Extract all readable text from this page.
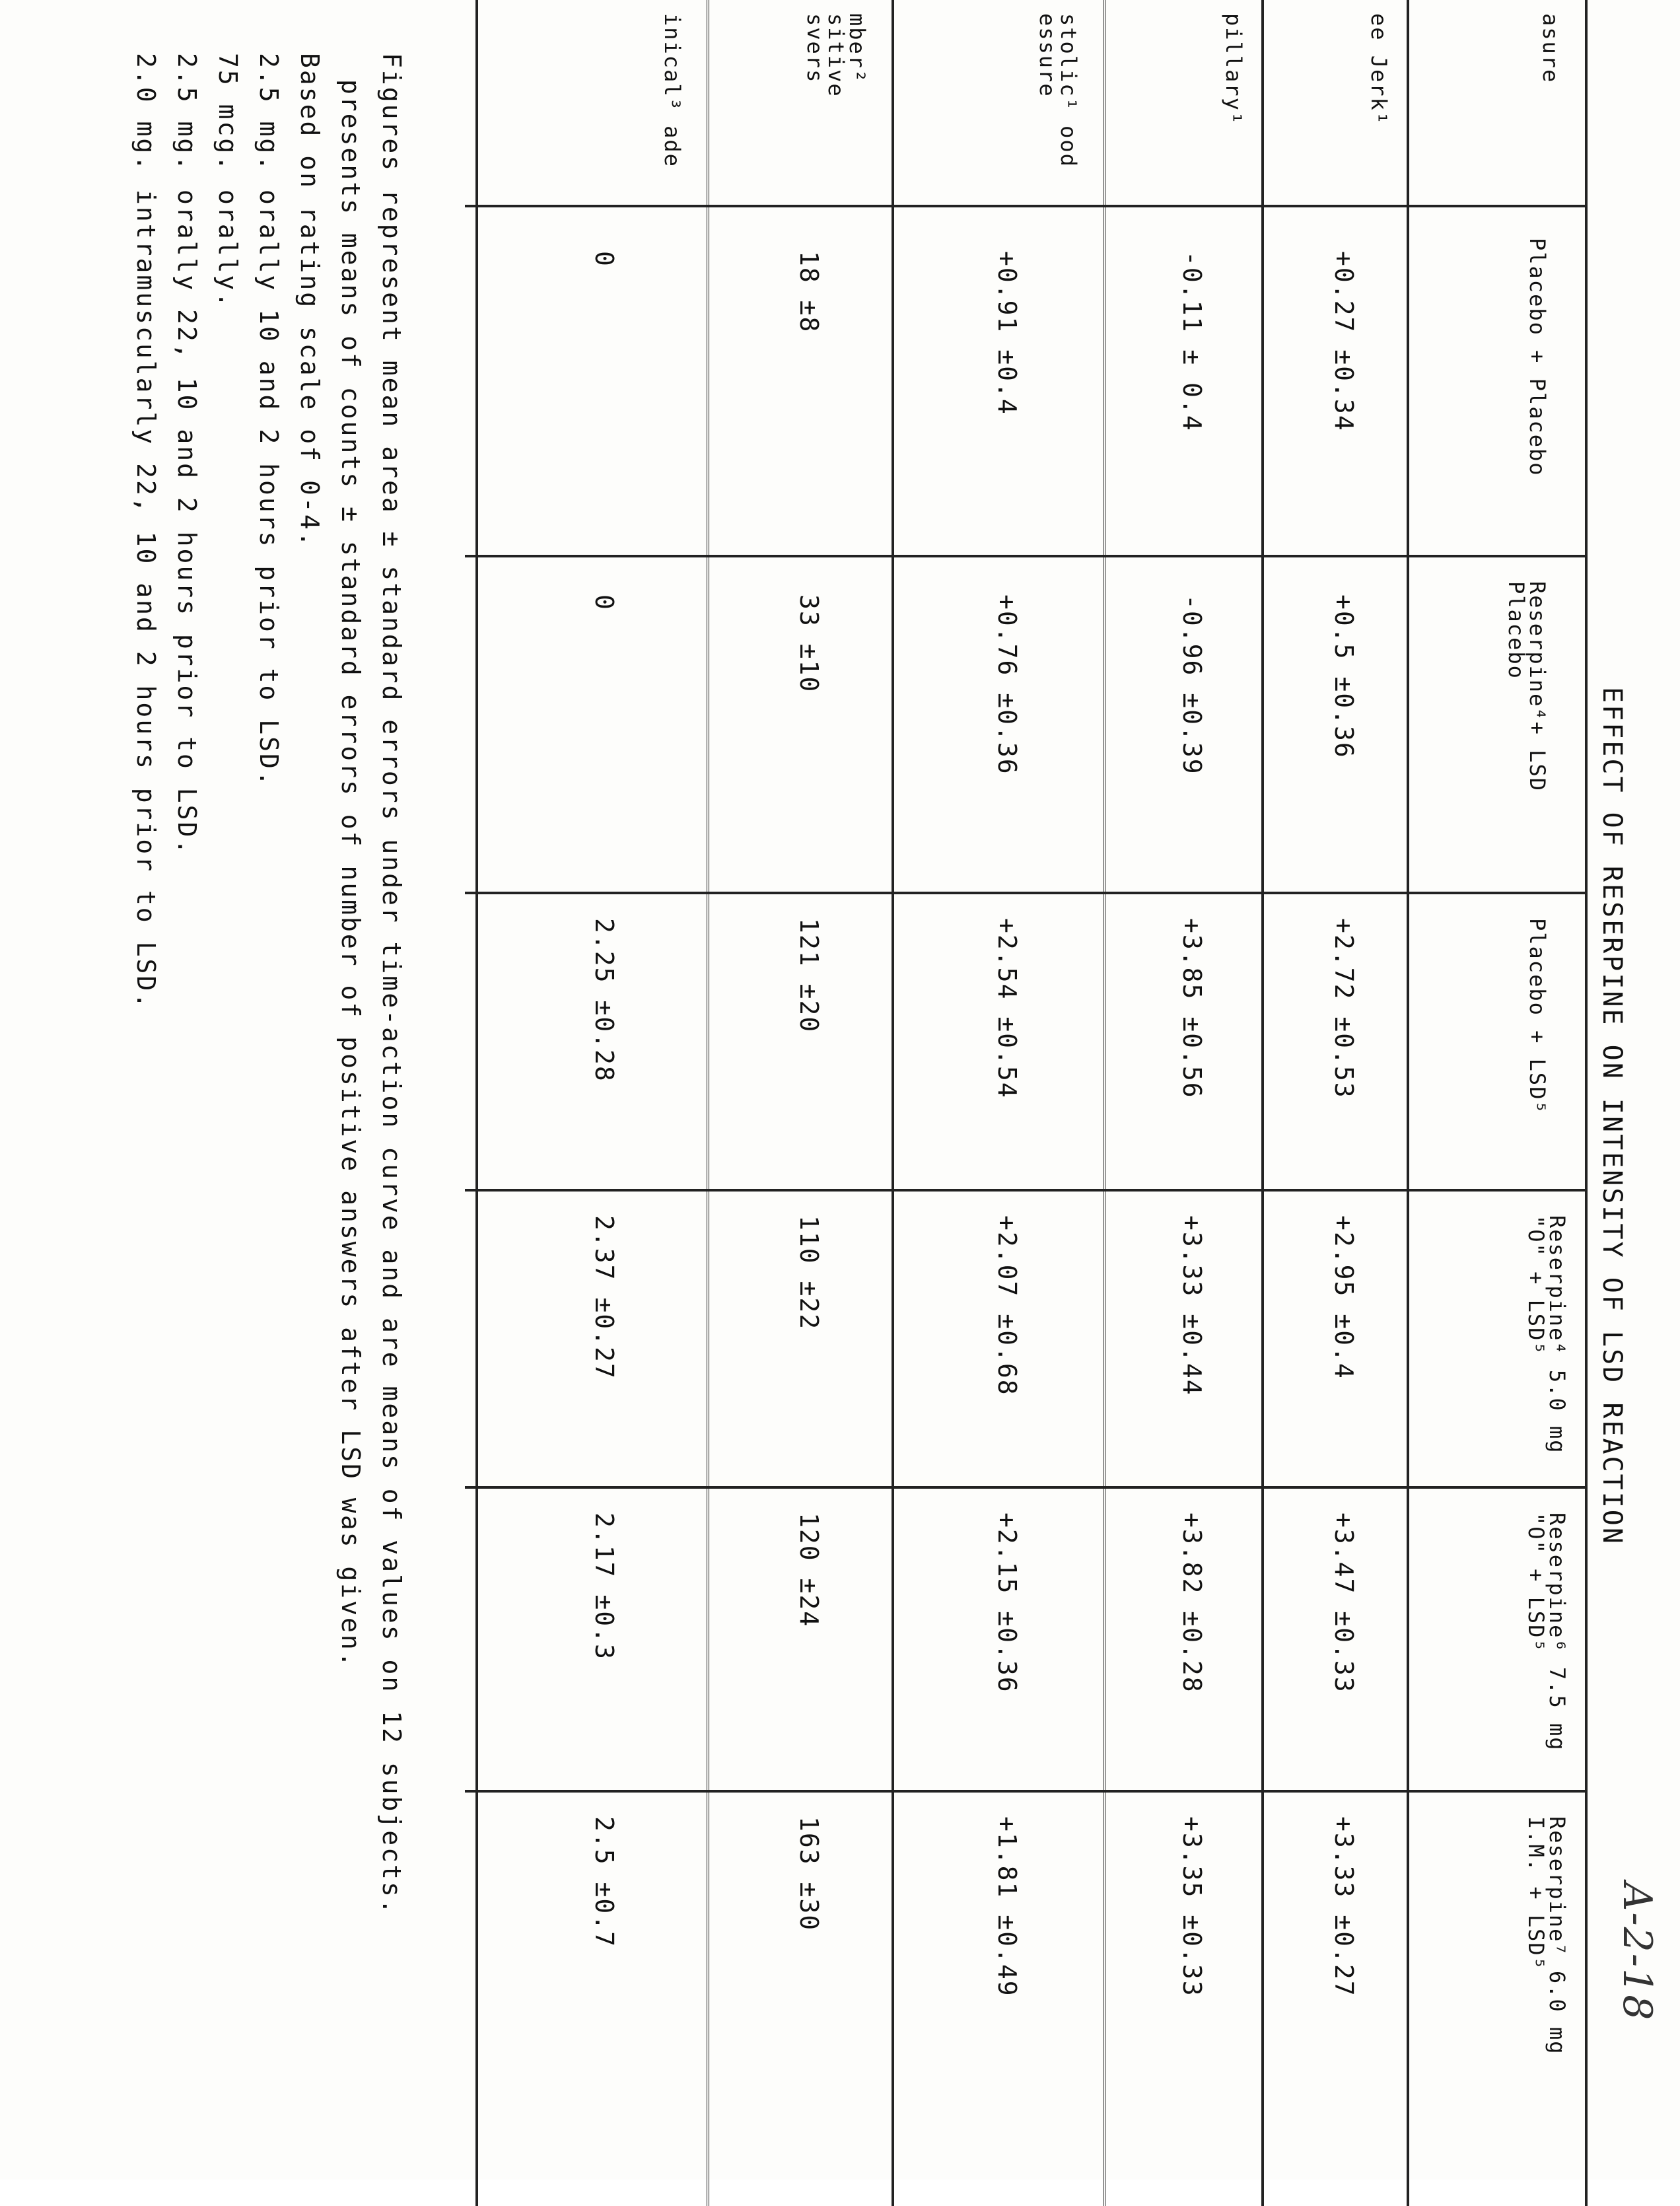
EFFECT OF RESERPINE ON INTENSITY OF LSD REACTION
A-2-18
asure
ee Jerk¹
pillary¹
stolic¹ ood essure
mber² sitive svers
inical³ ade
Placebo + Placebo
Reserpine⁴+ LSD Placebo
Placebo + LSD⁵
Reserpine⁴ 5.0 mg "O" + LSD⁵
Reserpine⁶ 7.5 mg "O" + LSD⁵
Reserpine⁷ 6.0 mg I.M. + LSD⁵
+0.27 ±0.34
-0.11 ± 0.4
+0.91 ±0.4
18 ±8
0
+0.5 ±0.36
-0.96 ±0.39
+0.76 ±0.36
33 ±10
0
+2.72 ±0.53
+3.85 ±0.56
+2.54 ±0.54
121 ±20
2.25 ±0.28
+2.95 ±0.4
+3.33 ±0.44
+2.07 ±0.68
110 ±22
2.37 ±0.27
+3.47 ±0.33
+3.82 ±0.28
+2.15 ±0.36
120 ±24
2.17 ±0.3
+3.33 ±0.27
+3.35 ±0.33
+1.81 ±0.49
163 ±30
2.5 ±0.7
Figures represent mean area ± standard errors under time-action curve and are means of values on 12 subjects.
presents means of counts ± standard errors of number of positive answers after LSD was given.
Based on rating scale of 0-4.
2.5 mg. orally 10 and 2 hours prior to LSD.
75 mcg. orally.
2.5 mg. orally 22, 10 and 2 hours prior to LSD.
2.0 mg. intramuscularly 22, 10 and 2 hours prior to LSD.
